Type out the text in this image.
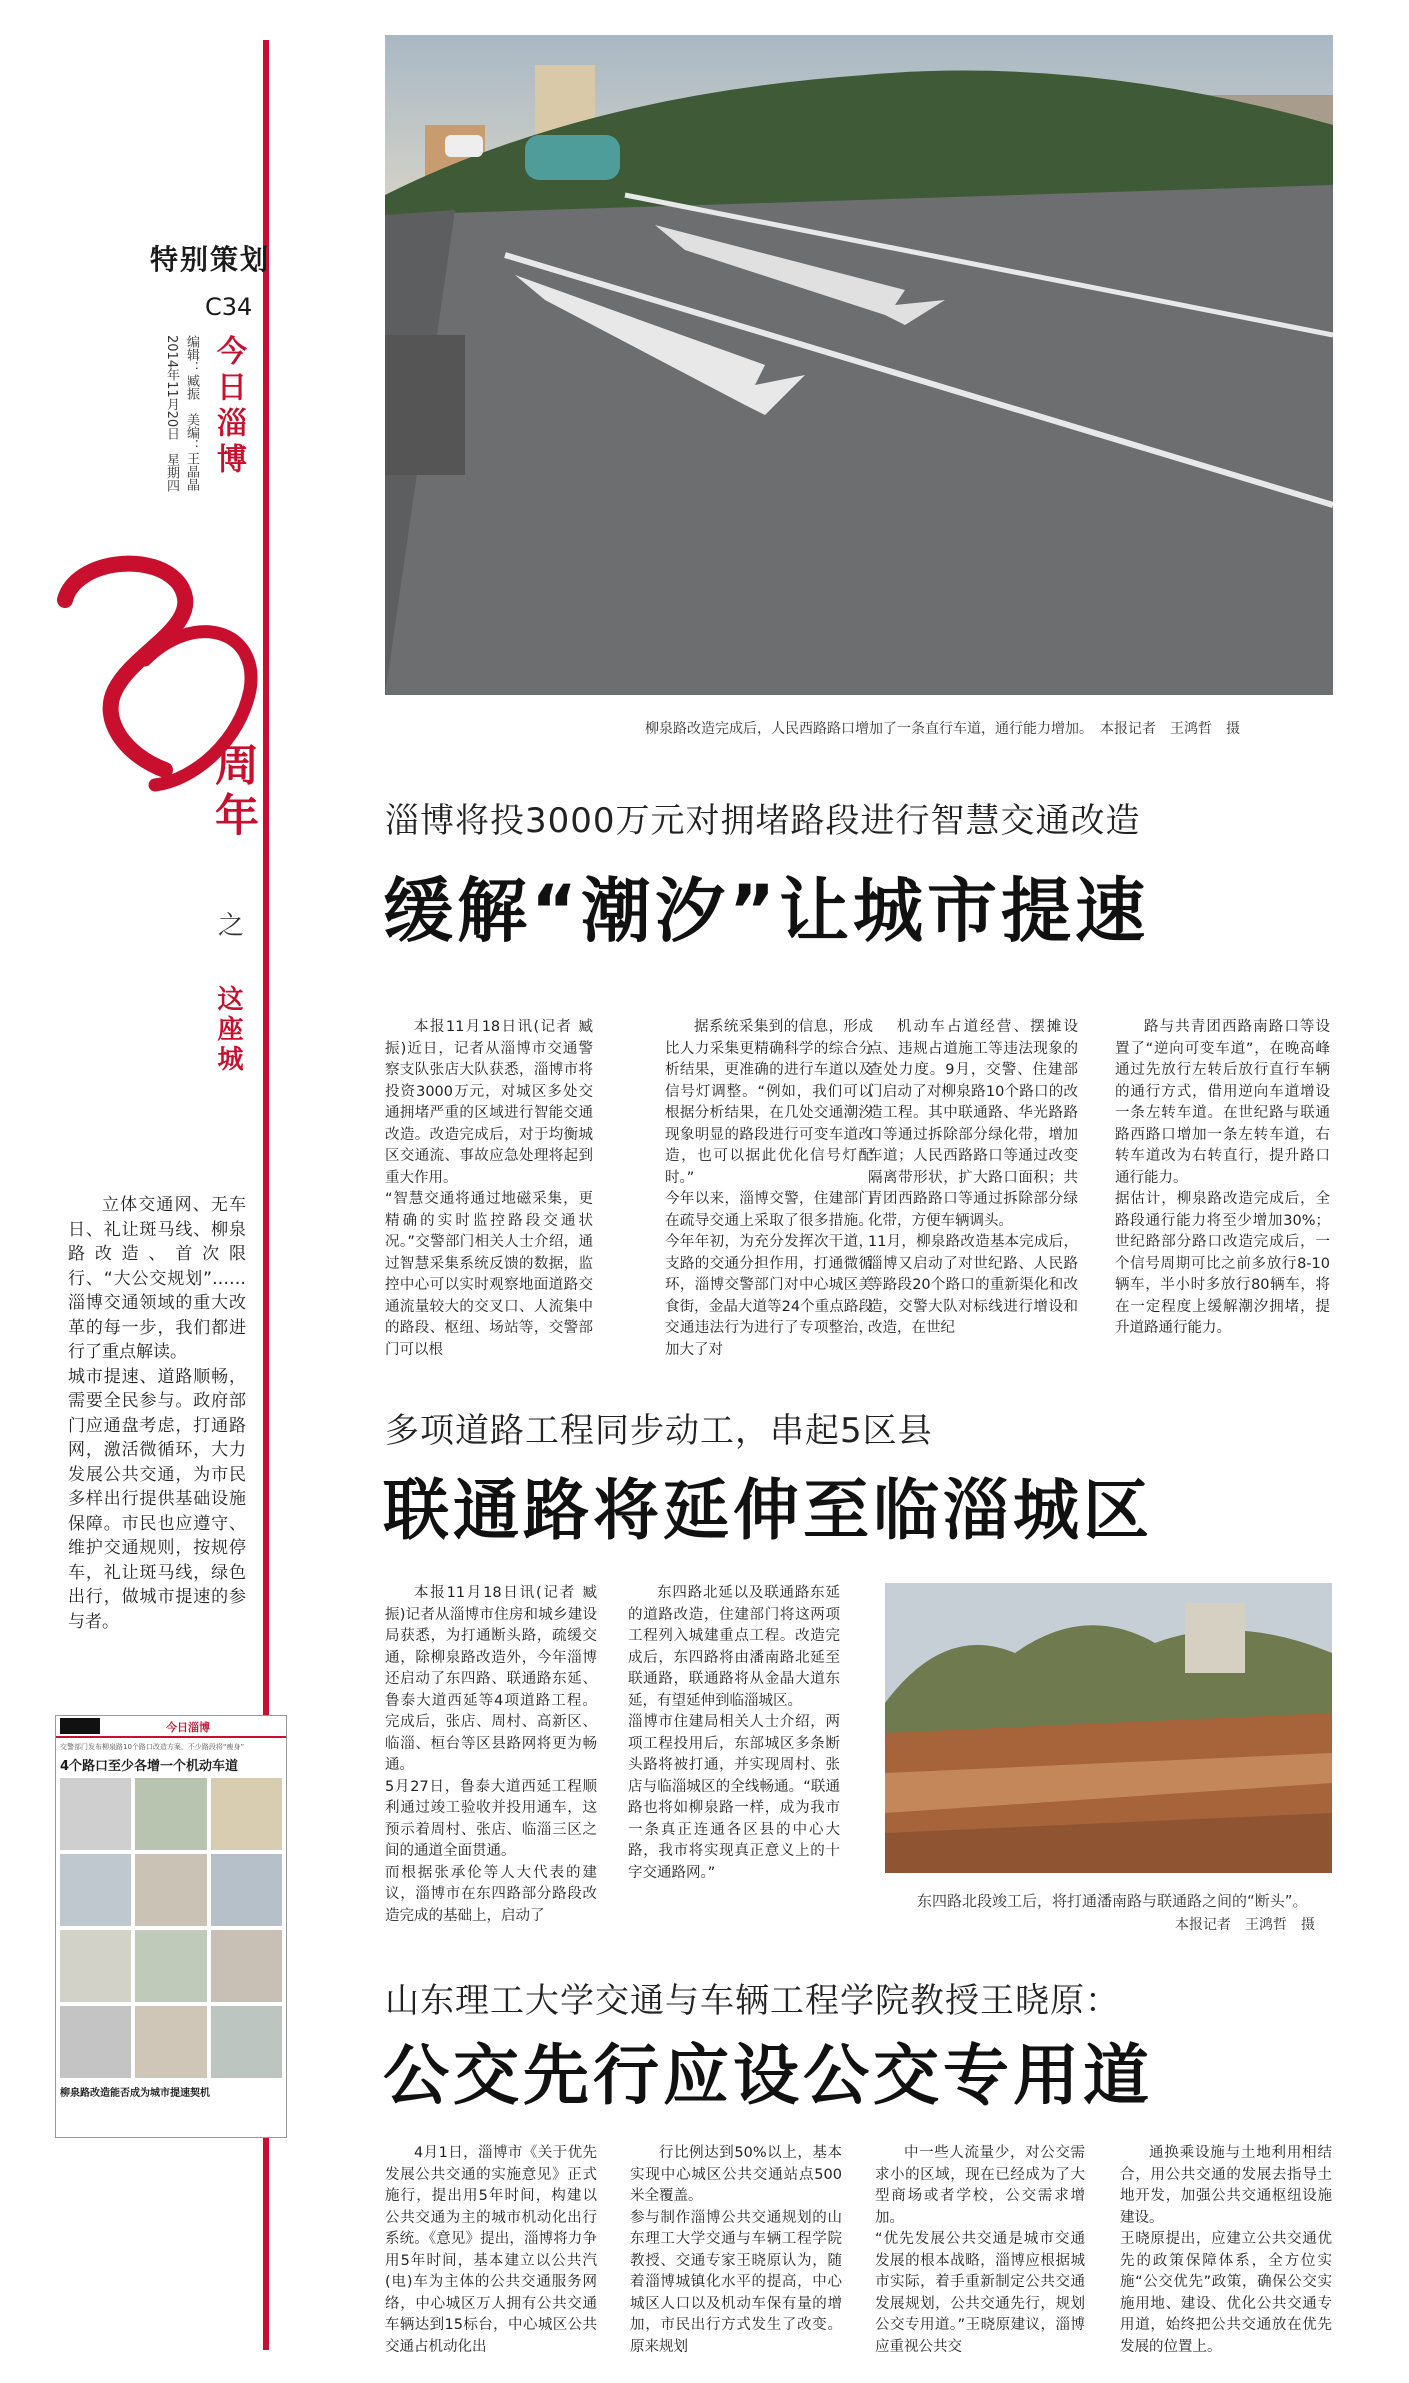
特别策划
C34
今日淄博
编辑：臧振　美编：王晶晶
2014年11月20日　星期四
周年
之
这座城
立体交通网、无车日、礼让斑马线、柳泉路改造、首次限行、“大公交规划”……淄博交通领域的重大改革的每一步，我们都进行了重点解读。
城市提速、道路顺畅，需要全民参与。政府部门应通盘考虑，打通路网，激活微循环，大力发展公共交通，为市民多样出行提供基础设施保障。市民也应遵守、维护交通规则，按规停车，礼让斑马线，绿色出行，做城市提速的参与者。
今日淄博
交警部门发布柳泉路10个路口改造方案，不少路段将“瘦身”
4个路口至少各增一个机动车道
柳泉路改造能否成为城市提速契机
柳泉路改造完成后，人民西路路口增加了一条直行车道，通行能力增加。　本报记者　王鸿哲　摄
淄博将投3000万元对拥堵路段进行智慧交通改造
缓解“潮汐”让城市提速
本报11月18日讯(记者 臧振)近日，记者从淄博市交通警察支队张店大队获悉，淄博市将投资3000万元，对城区多处交通拥堵严重的区域进行智能交通改造。改造完成后，对于均衡城区交通流、事故应急处理将起到重大作用。
“智慧交通将通过地磁采集，更精确的实时监控路段交通状况。”交警部门相关人士介绍，通过智慧采集系统反馈的数据，监控中心可以实时观察地面道路交通流量较大的交叉口、人流集中的路段、枢纽、场站等，交警部门可以根
据系统采集到的信息，形成比人力采集更精确科学的综合分析结果，更准确的进行车道以及信号灯调整。“例如，我们可以根据分析结果，在几处交通潮汐现象明显的路段进行可变车道改造，也可以据此优化信号灯配时。”
今年以来，淄博交警，住建部门在疏导交通上采取了很多措施。今年年初，为充分发挥次干道，支路的交通分担作用，打通微循环，淄博交警部门对中心城区美食街，金晶大道等24个重点路段交通违法行为进行了专项整治，加大了对
机动车占道经营、摆摊设点、违规占道施工等违法现象的查处力度。9月，交警、住建部门启动了对柳泉路10个路口的改造工程。其中联通路、华光路路口等通过拆除部分绿化带，增加车道；人民西路路口等通过改变隔离带形状，扩大路口面积；共青团西路路口等通过拆除部分绿化带，方便车辆调头。
11月，柳泉路改造基本完成后，淄博又启动了对世纪路、人民路等路段20个路口的重新渠化和改造，交警大队对标线进行增设和改造，在世纪
路与共青团西路南路口等设置了“逆向可变车道”，在晚高峰通过先放行左转后放行直行车辆的通行方式，借用逆向车道增设一条左转车道。在世纪路与联通路西路口增加一条左转车道，右转车道改为右转直行，提升路口通行能力。
据估计，柳泉路改造完成后，全路段通行能力将至少增加30%；世纪路部分路口改造完成后，一个信号周期可比之前多放行8-10辆车，半小时多放行80辆车，将在一定程度上缓解潮汐拥堵，提升道路通行能力。
多项道路工程同步动工，串起5区县
联通路将延伸至临淄城区
本报11月18日讯(记者 臧振)记者从淄博市住房和城乡建设局获悉，为打通断头路，疏缓交通，除柳泉路改造外，今年淄博还启动了东四路、联通路东延、鲁泰大道西延等4项道路工程。完成后，张店、周村、高新区、临淄、桓台等区县路网将更为畅通。
5月27日，鲁泰大道西延工程顺利通过竣工验收并投用通车，这预示着周村、张店、临淄三区之间的通道全面贯通。
而根据张承伦等人大代表的建议，淄博市在东四路部分路段改造完成的基础上，启动了
东四路北延以及联通路东延的道路改造，住建部门将这两项工程列入城建重点工程。改造完成后，东四路将由潘南路北延至联通路，联通路将从金晶大道东延，有望延伸到临淄城区。
淄博市住建局相关人士介绍，两项工程投用后，东部城区多条断头路将被打通，并实现周村、张店与临淄城区的全线畅通。“联通路也将如柳泉路一样，成为我市一条真正连通各区县的中心大路，我市将实现真正意义上的十字交通路网。”
东四路北段竣工后，将打通潘南路与联通路之间的“断头”。
本报记者　王鸿哲　摄
山东理工大学交通与车辆工程学院教授王晓原：
公交先行应设公交专用道
4月1日，淄博市《关于优先发展公共交通的实施意见》正式施行，提出用5年时间，构建以公共交通为主的城市机动化出行系统。《意见》提出，淄博将力争用5年时间，基本建立以公共汽(电)车为主体的公共交通服务网络，中心城区万人拥有公共交通车辆达到15标台，中心城区公共交通占机动化出
行比例达到50%以上，基本实现中心城区公共交通站点500米全覆盖。
参与制作淄博公共交通规划的山东理工大学交通与车辆工程学院教授、交通专家王晓原认为，随着淄博城镇化水平的提高，中心城区人口以及机动车保有量的增加，市民出行方式发生了改变。原来规划
中一些人流量少，对公交需求小的区域，现在已经成为了大型商场或者学校，公交需求增加。
“优先发展公共交通是城市交通发展的根本战略，淄博应根据城市实际，着手重新制定公共交通发展规划，公共交通先行，规划公交专用道。”王晓原建议，淄博应重视公共交
通换乘设施与土地利用相结合，用公共交通的发展去指导土地开发，加强公共交通枢纽设施建设。
王晓原提出，应建立公共交通优先的政策保障体系，全方位实施“公交优先”政策，确保公交实施用地、建设、优化公共交通专用道，始终把公共交通放在优先发展的位置上。
